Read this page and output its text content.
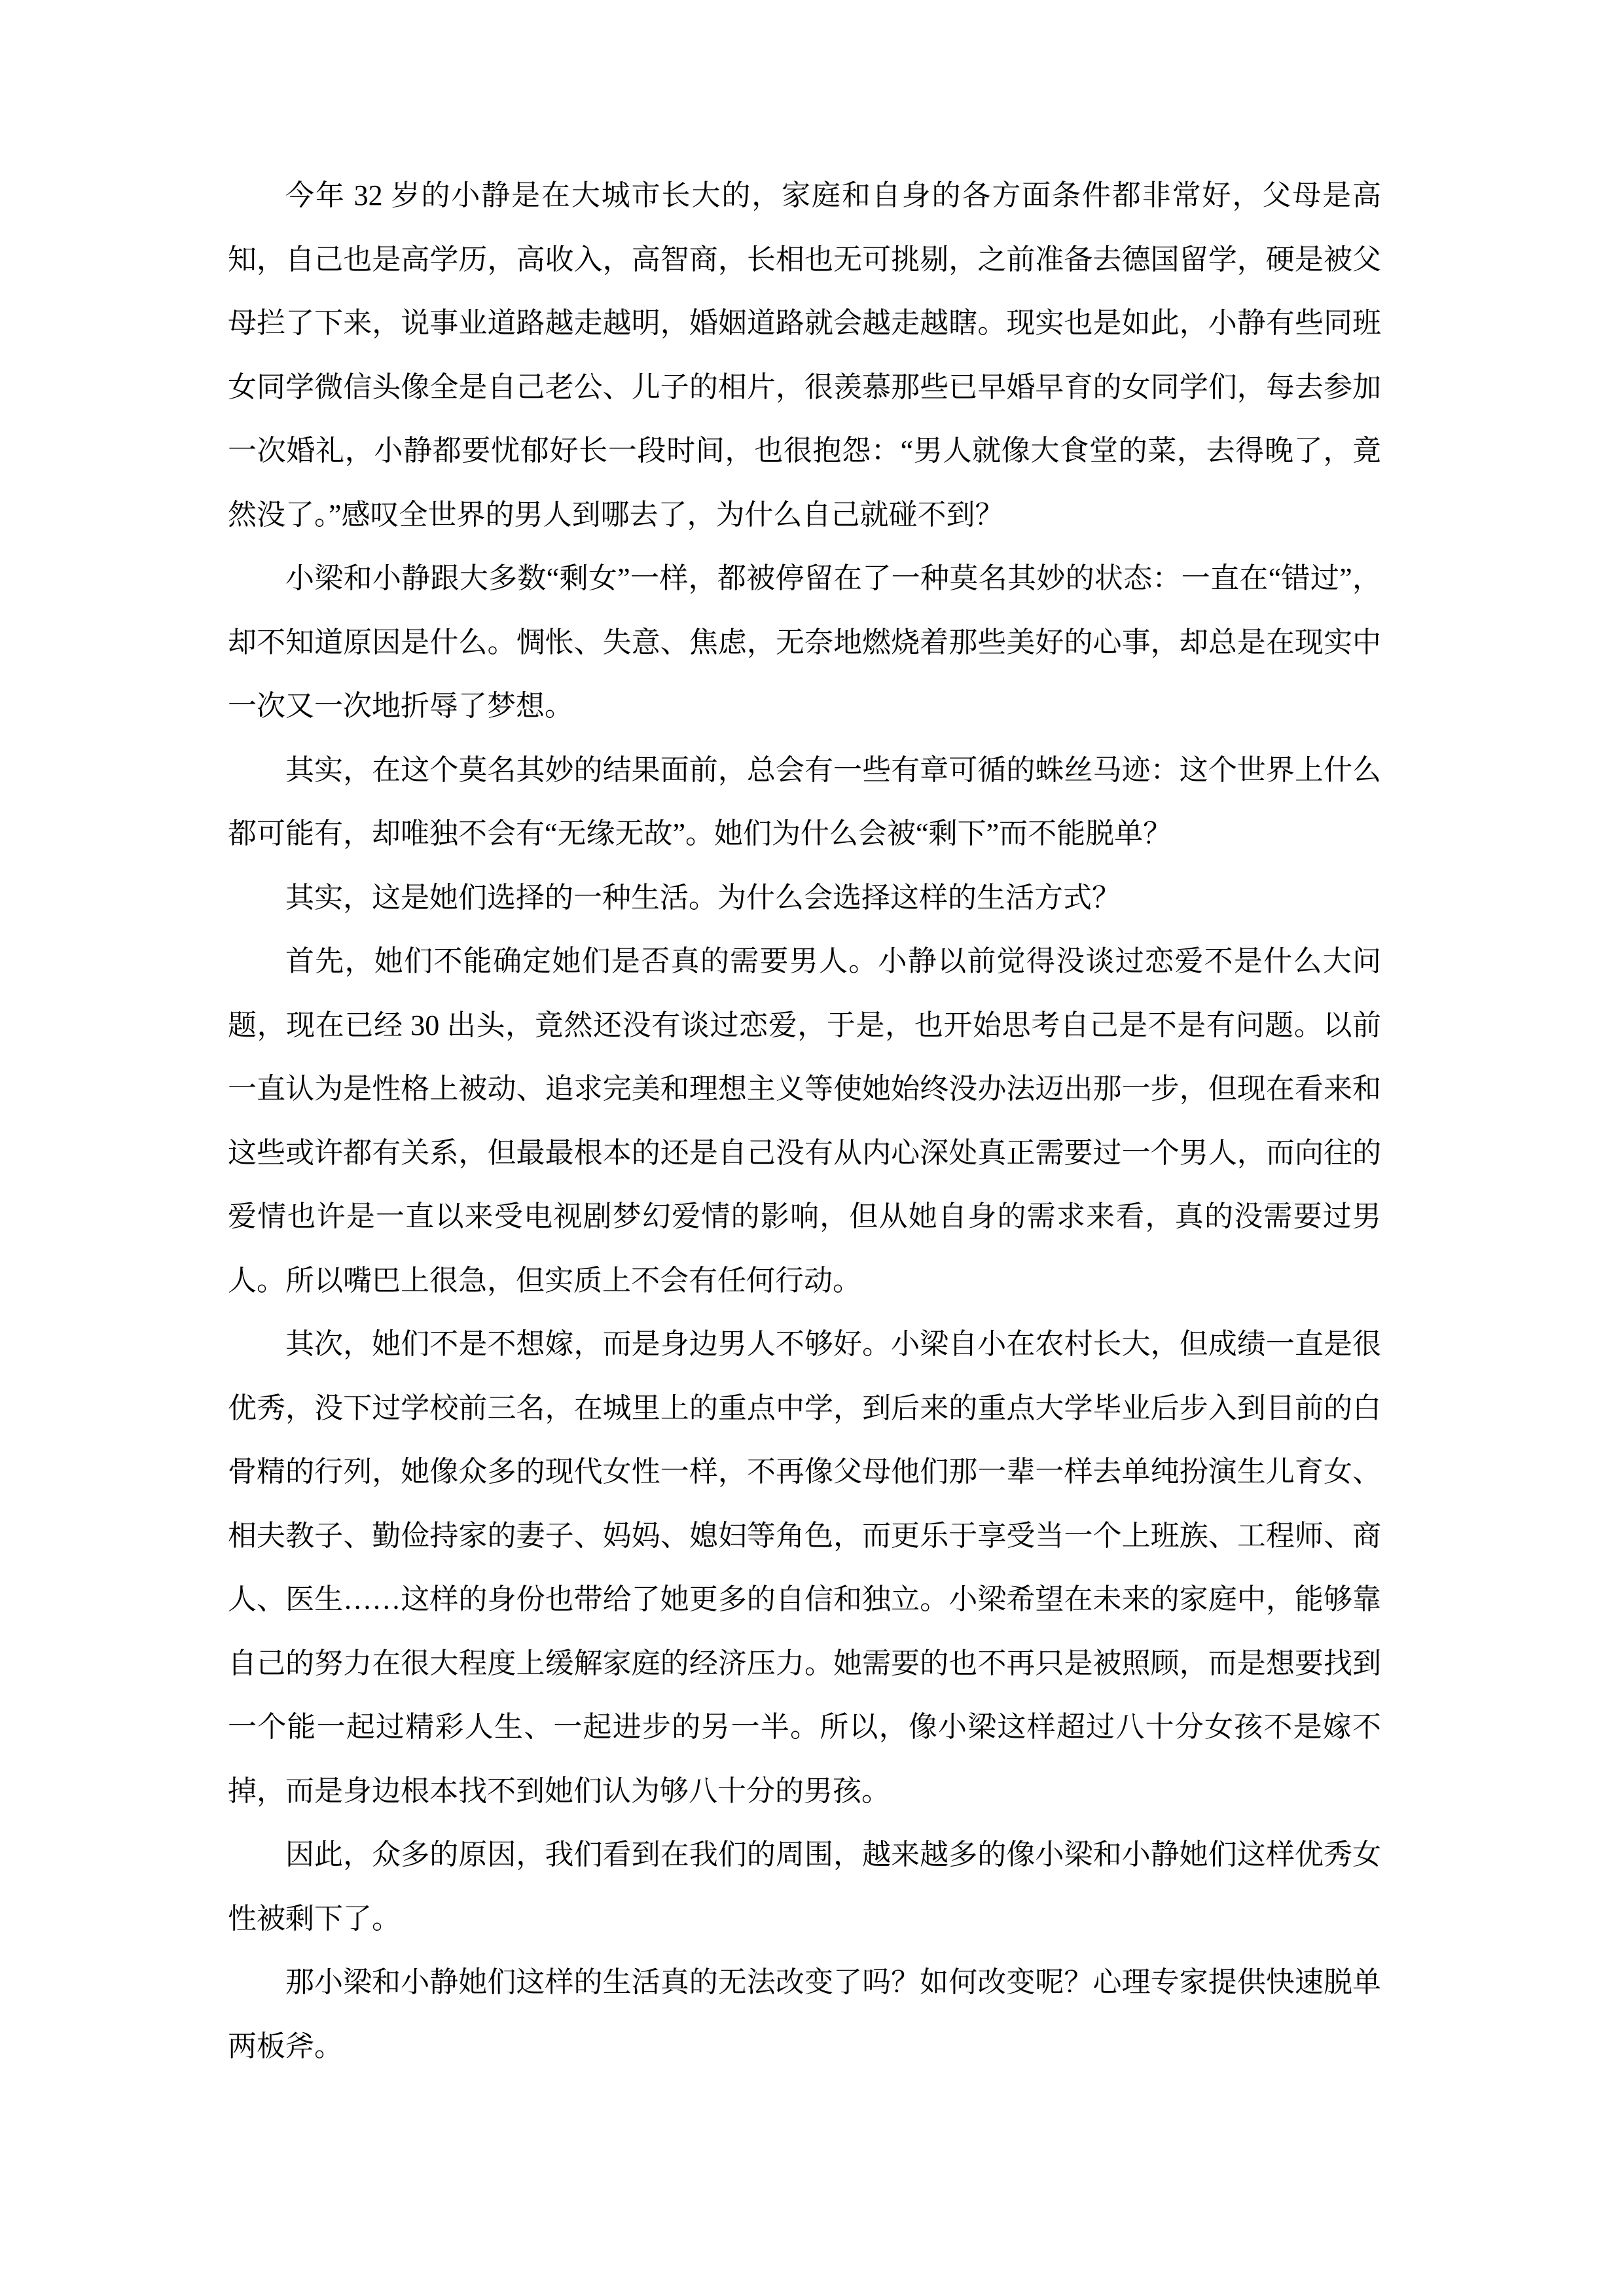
今年 32 岁的小静是在大城市长大的，家庭和自身的各方面条件都非常好，父母是高知，自己也是高学历，高收入，高智商，长相也无可挑剔，之前准备去德国留学，硬是被父母拦了下来，说事业道路越走越明，婚姻道路就会越走越瞎。现实也是如此，小静有些同班女同学微信头像全是自己老公、儿子的相片，很羡慕那些已早婚早育的女同学们，每去参加一次婚礼，小静都要忧郁好长一段时间，也很抱怨：“男人就像大食堂的菜，去得晚了，竟然没了。”感叹全世界的男人到哪去了，为什么自己就碰不到？

小梁和小静跟大多数“剩女”一样，都被停留在了一种莫名其妙的状态：一直在“错过”，却不知道原因是什么。惆怅、失意、焦虑，无奈地燃烧着那些美好的心事，却总是在现实中一次又一次地折辱了梦想。

其实，在这个莫名其妙的结果面前，总会有一些有章可循的蛛丝马迹：这个世界上什么都可能有，却唯独不会有“无缘无故”。她们为什么会被“剩下”而不能脱单？

其实，这是她们选择的一种生活。为什么会选择这样的生活方式？

首先，她们不能确定她们是否真的需要男人。小静以前觉得没谈过恋爱不是什么大问题，现在已经 30 出头，竟然还没有谈过恋爱，于是，也开始思考自己是不是有问题。以前一直认为是性格上被动、追求完美和理想主义等使她始终没办法迈出那一步，但现在看来和这些或许都有关系，但最最根本的还是自己没有从内心深处真正需要过一个男人，而向往的爱情也许是一直以来受电视剧梦幻爱情的影响，但从她自身的需求来看，真的没需要过男人。所以嘴巴上很急，但实质上不会有任何行动。

其次，她们不是不想嫁，而是身边男人不够好。小梁自小在农村长大，但成绩一直是很优秀，没下过学校前三名，在城里上的重点中学，到后来的重点大学毕业后步入到目前的白骨精的行列，她像众多的现代女性一样，不再像父母他们那一辈一样去单纯扮演生儿育女、相夫教子、勤俭持家的妻子、妈妈、媳妇等角色，而更乐于享受当一个上班族、工程师、商人、医生……这样的身份也带给了她更多的自信和独立。小梁希望在未来的家庭中，能够靠自己的努力在很大程度上缓解家庭的经济压力。她需要的也不再只是被照顾，而是想要找到一个能一起过精彩人生、一起进步的另一半。所以，像小梁这样超过八十分女孩不是嫁不掉，而是身边根本找不到她们认为够八十分的男孩。

因此，众多的原因，我们看到在我们的周围，越来越多的像小梁和小静她们这样优秀女性被剩下了。

那小梁和小静她们这样的生活真的无法改变了吗？如何改变呢？心理专家提供快速脱单两板斧。
